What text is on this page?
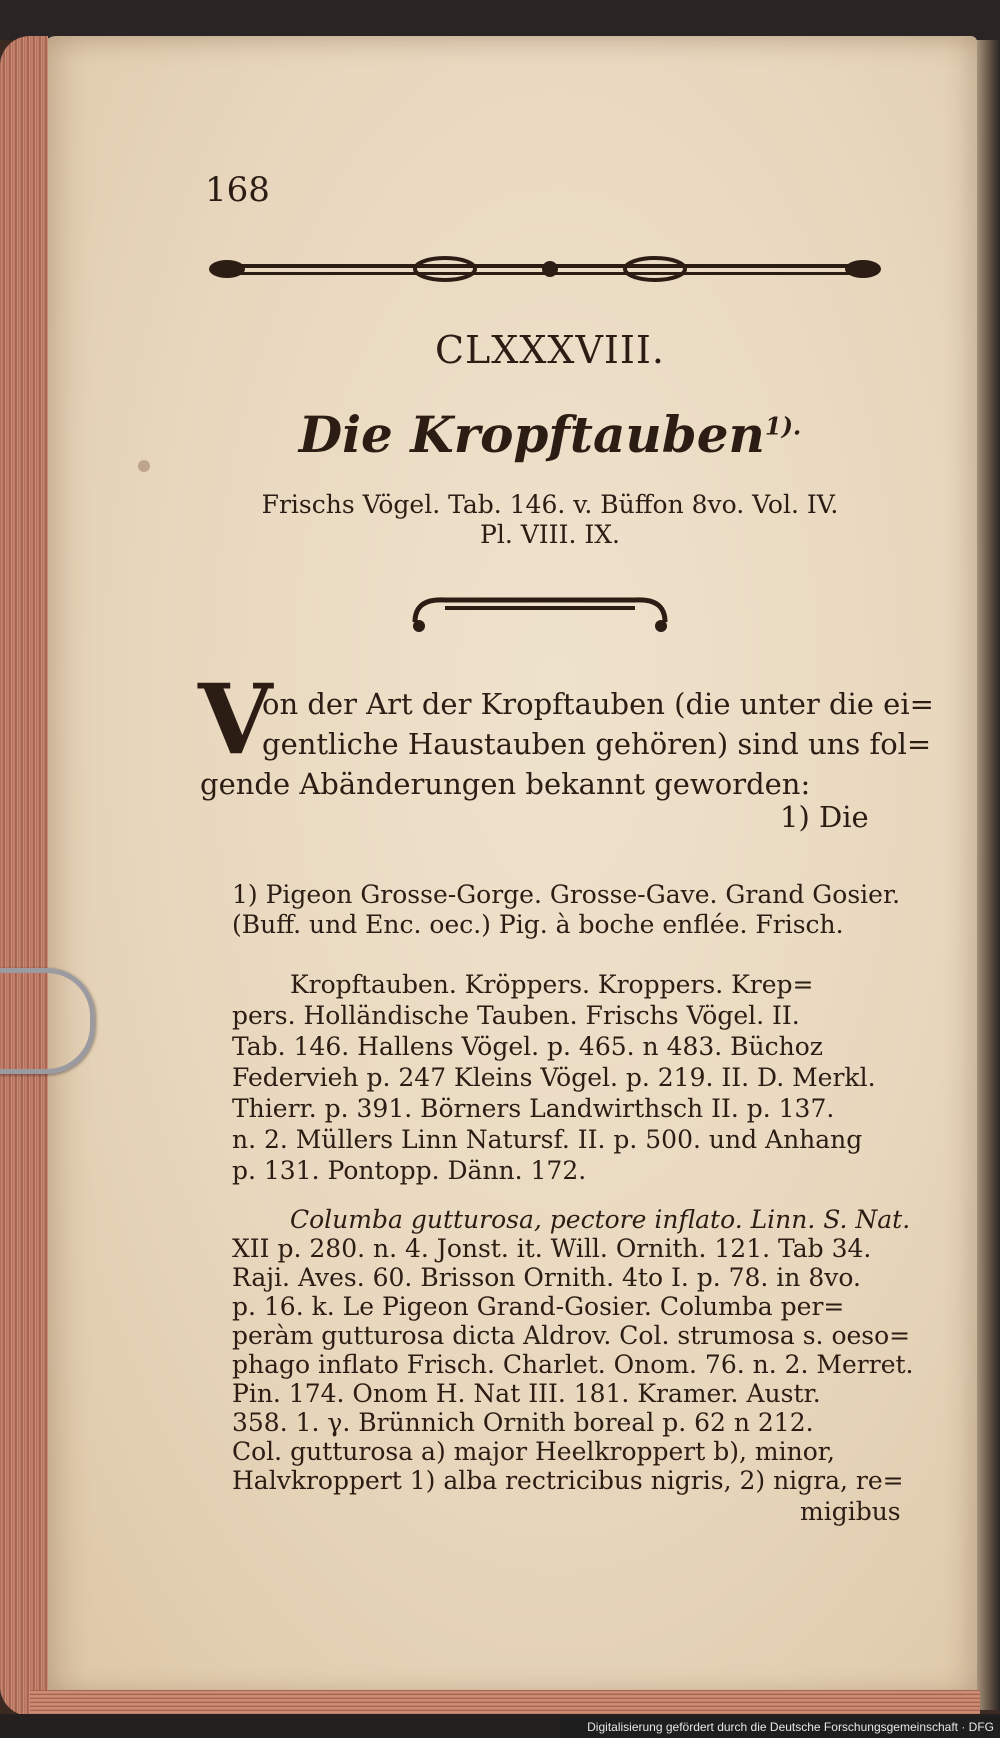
168
CLXXXVIII.
Die Kropftauben$^{1).}$
Frischs Vögel. Tab. 146. v. Büffon 8vo. Vol. IV.
Pl. VIII. IX.
V
on der Art der Kropftauben (die unter die ei=
gentliche Haustauben gehören) sind uns fol=
gende Abänderungen bekannt geworden:
1) Die
1) Pigeon Grosse-Gorge. Grosse-Gave. Grand Gosier.
(Buff. und Enc. oec.) Pig. à boche enflée. Frisch.
Kropftauben. Kröppers. Kroppers. Krep=
pers. Holländische Tauben. Frischs Vögel. II.
Tab. 146. Hallens Vögel. p. 465. n 483. Büchoz
Federvieh p. 247 Kleins Vögel. p. 219. II. D. Merkl.
Thierr. p. 391. Börners Landwirthsch II. p. 137.
n. 2. Müllers Linn Natursf. II. p. 500. und Anhang
p. 131. Pontopp. Dänn. 172.
Columba gutturosa, pectore inflato. Linn. S. Nat.
XII p. 280. n. 4. Jonst. it. Will. Ornith. 121. Tab 34.
Raji. Aves. 60. Brisson Ornith. 4to I. p. 78. in 8vo.
p. 16. k. Le Pigeon Grand-Gosier. Columba per=
peràm gutturosa dicta Aldrov. Col. strumosa s. oeso=
phago inflato Frisch. Charlet. Onom. 76. n. 2. Merret.
Pin. 174. Onom H. Nat III. 181. Kramer. Austr.
358. 1. γ. Brünnich Ornith boreal p. 62 n 212.
Col. gutturosa a) major Heelkroppert b), minor,
Halvkroppert 1) alba rectricibus nigris, 2) nigra, re=
migibus
Digitalisierung gefördert durch die Deutsche Forschungsgemeinschaft · DFG
